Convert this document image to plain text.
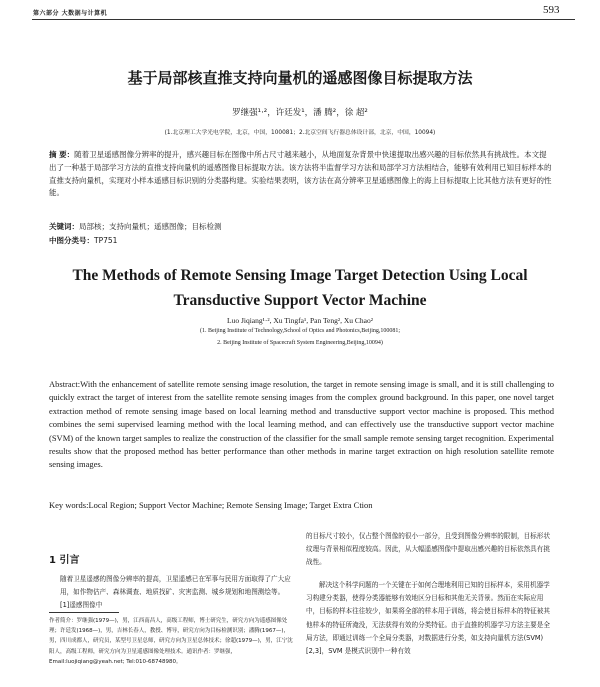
第六部分 大数据与计算机	593
基于局部核直推支持向量机的遥感图像目标提取方法
罗继强¹·²，许廷发¹，潘 腾²，徐 超²
(1.北京理工大学光电学院，北京，中国，100081；2.北京空间飞行器总体设计部，北京，中国，10094)
摘 要：随着卫星遥感图像分辨率的提升，感兴趣目标在图像中所占尺寸越来越小，从地面复杂背景中快速提取出感兴趣的目标依然具有挑战性。本文提出了一种基于局部学习方法的直推支持向量机的遥感图像目标提取方法。该方法将半监督学习方法和局部学习方法相结合，能够有效利用已知目标样本的直推支持向量机，实现对小样本遥感目标识别的分类器构建。实验结果表明，该方法在高分辨率卫星遥感图像上的海上目标提取上比其他方法有更好的性能。
关键词：局部核；支持向量机；遥感图像；目标检测
中图分类号：TP751
The Methods of Remote Sensing Image Target Detection Using Local
Transductive Support Vector Machine
Luo Jiqiang¹·², Xu Tingfa¹, Pan Teng², Xu Chao²
(1. Beijing Institute of Technology,School of Optics and Photonics,Beijing,100081;
2. Beijing Institute of Spacecraft System Engineering,Beijing,10094)
Abstract:With the enhancement of satellite remote sensing image resolution, the target in remote sensing image is small, and it is still challenging to quickly extract the target of interest from the satellite remote sensing images from the complex ground background. In this paper, one novel target extraction method of remote sensing image based on local learning method and transductive support vector machine is proposed. This method combines the semi supervised learning method with the local learning method, and can effectively use the transductive support vector machine (SVM) of the known target samples to realize the construction of the classifier for the small sample remote sensing target recognition. Experimental results show that the proposed method has better performance than other methods in marine target extraction on high resolution satellite remote sensing images.
Key words:Local Region; Support Vector Machine; Remote Sensing Image; Target Extra Ction
1 引言
随着卫星遥感的图像分辨率的提高，卫星遥感已在军事与民用方面取得了广大应用，如作物估产、森林调查、地质找矿、灾害监测、城乡规划和地图测绘等。[1]遥感图像中
作者简介：罗继强(1979—)，男，江西南昌人，高级工程师，博士研究生，研究方向为遥感图像处理；许廷发(1968—)，男，吉林长春人，教授、博导，研究方向为目标检测识别；潘腾(1967—)，男，四川成都人，研究员，某型号卫星总师，研究方向为卫星总体技术；徐超(1979—)，男，江宁沈阳人，高级工程师，研究方向为卫星遥感图像处理技术。通讯作者：罗继强，Email:luojiqiang@yeah.net; Tel:010-68748980。
的目标尺寸较小，仅占整个图像的很小一部分，且受到图像分辨率的限制，目标形状纹理与背景相似程度较高。因此，从大幅遥感图像中提取出感兴趣的目标依然具有挑战性。
解决这个科学问题的一个关键在于如何合理地利用已知的目标样本，采用机器学习构建分类器，使得分类器能够有效地区分目标和其他无关背景。然而在实际应用中，目标的样本往往较少，如果将全部的样本用于训练，将会使目标样本的特征被其他样本的特征所淹没，无法获得有效的分类特征。由于直推的机器学习方法主要是全局方法，即通过训练一个全局分类器，对数据进行分类，如支持向量机方法(SVM)[2,3]，SVM 是模式识别中一种有效
